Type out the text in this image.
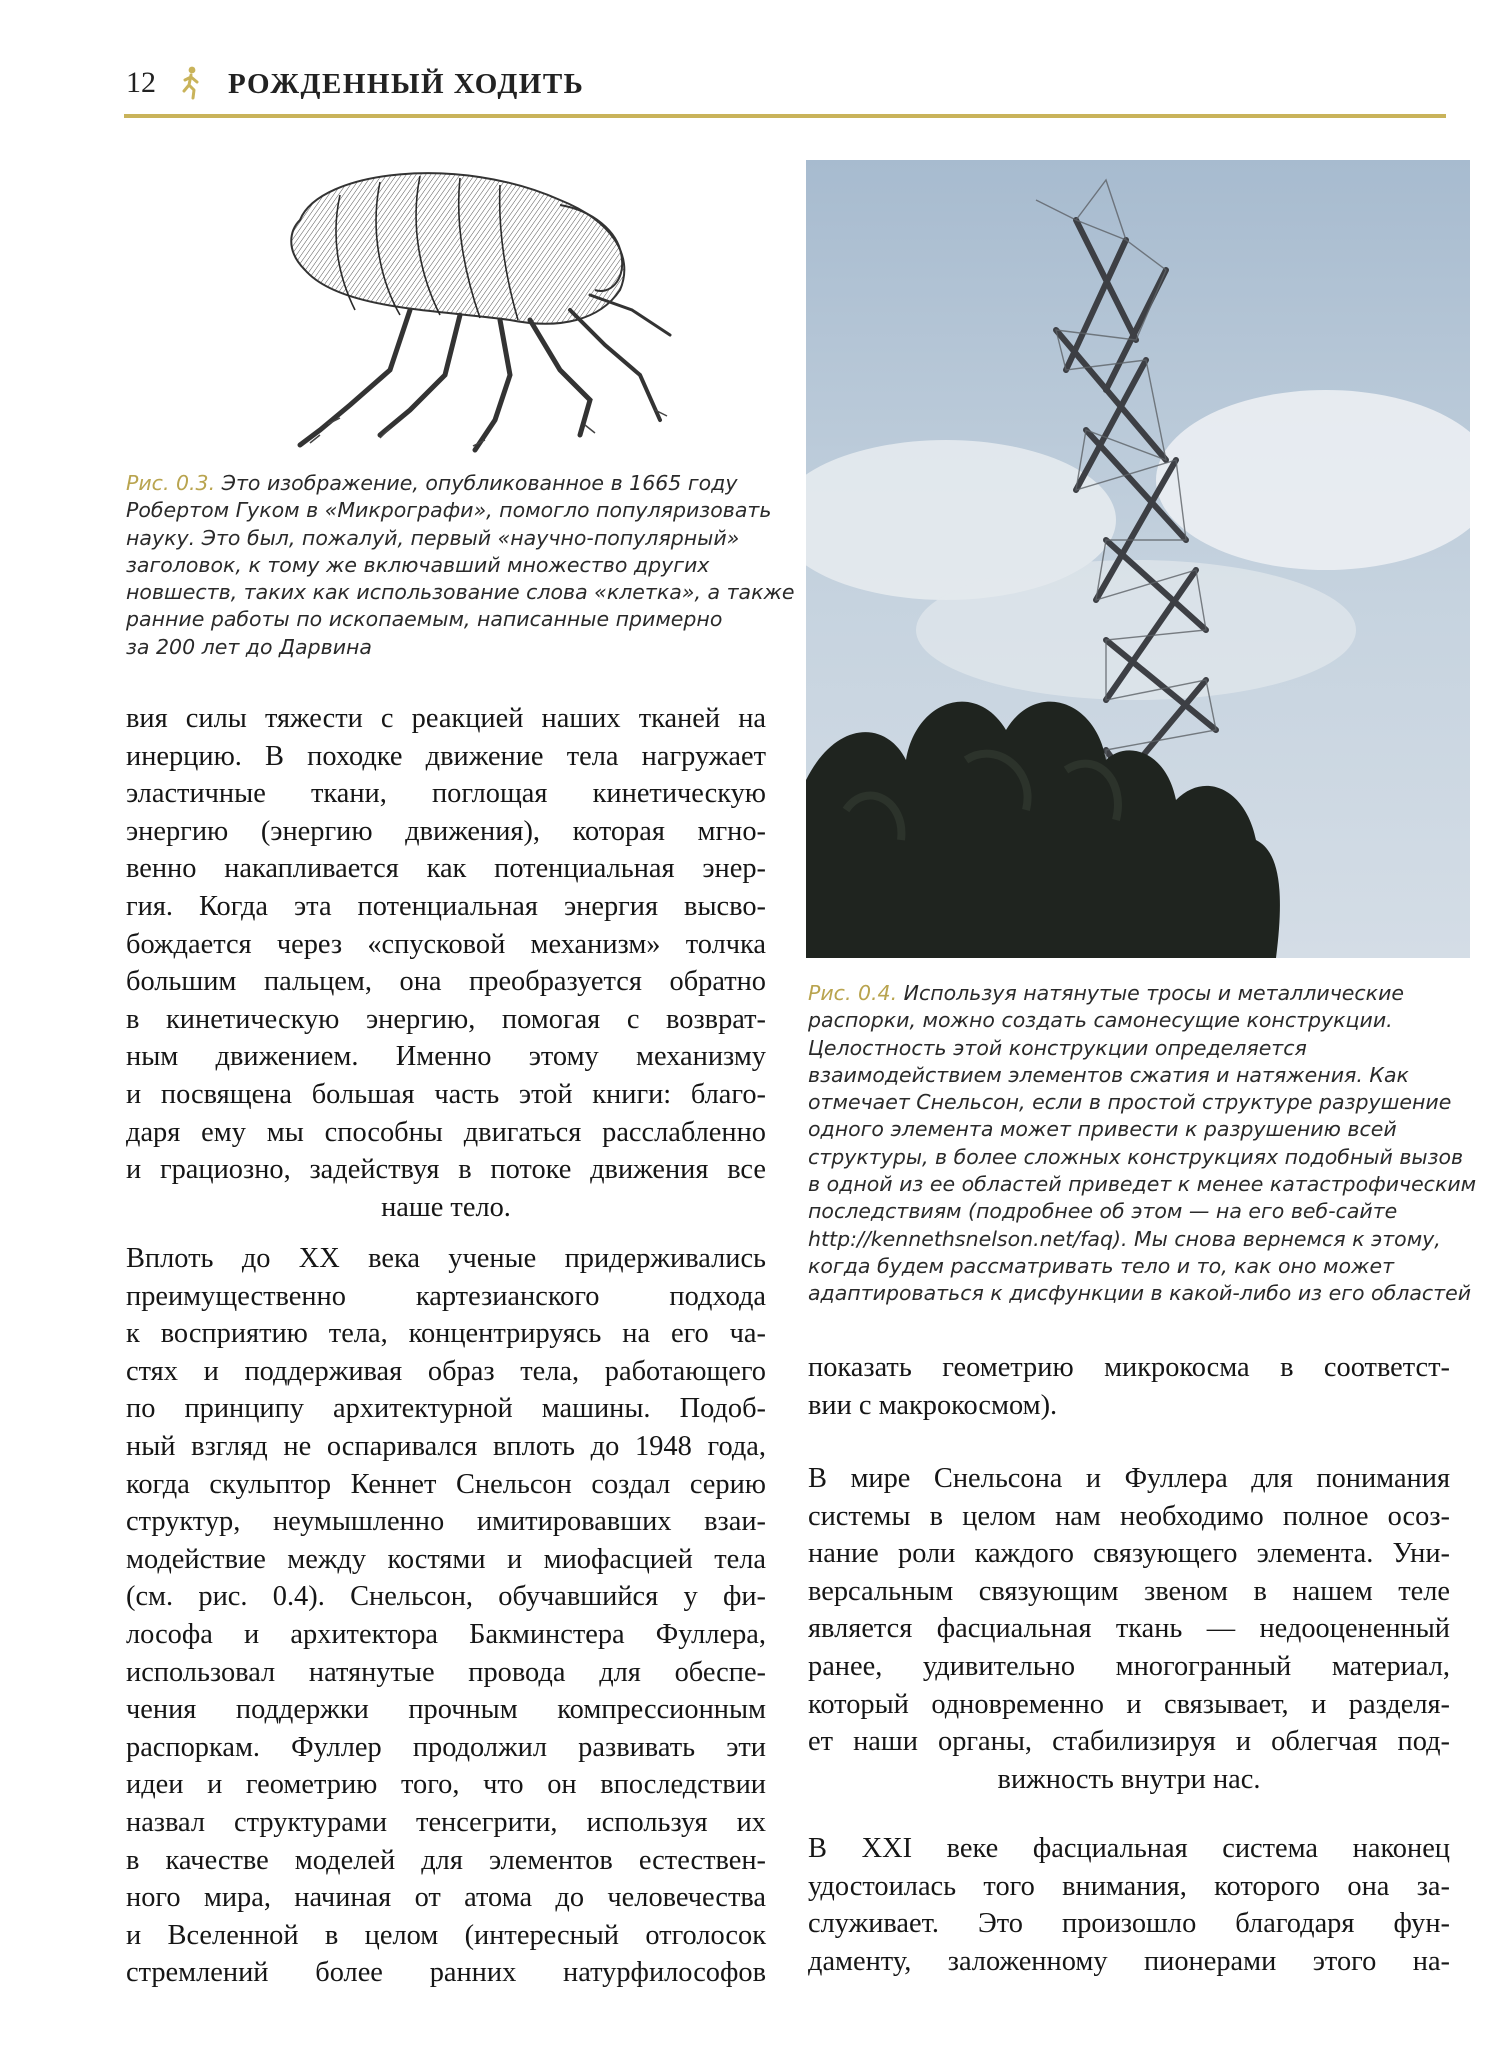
12 РОЖДЕННЫЙ ХОДИТЬ
Рис. 0.3. Это изображение, опубликованное в 1665 году
Робертом Гуком в «Микрографи», помогло популяризовать
науку. Это был, пожалуй, первый «научно-популярный»
заголовок, к тому же включавший множество других
новшеств, таких как использование слова «клетка», а также
ранние работы по ископаемым, написанные примерно
за 200 лет до Дарвина
Рис. 0.4. Используя натянутые тросы и металлические
распорки, можно создать самонесущие конструкции.
Целостность этой конструкции определяется
взаимодействием элементов сжатия и натяжения. Как
отмечает Снельсон, если в простой структуре разрушение
одного элемента может привести к разрушению всей
структуры, в более сложных конструкциях подобный вызов
в одной из ее областей приведет к менее катастрофическим
последствиям (подробнее об этом — на его веб-сайте
http://kennethsnelson.net/faq). Мы снова вернемся к этому,
когда будем рассматривать тело и то, как оно может
адаптироваться к дисфункции в какой-либо из его областей
вия силы тяжести с реакцией наших тканей на
инерцию. В походке движение тела нагружает
эластичные ткани, поглощая кинетическую
энергию (энергию движения), которая мгно-
венно накапливается как потенциальная энер-
гия. Когда эта потенциальная энергия высво-
бождается через «спусковой механизм» толчка
большим пальцем, она преобразуется обратно
в кинетическую энергию, помогая с возврат-
ным движением. Именно этому механизму
и посвящена большая часть этой книги: благо-
даря ему мы способны двигаться расслабленно
и грациозно, задействуя в потоке движения все
наше тело.
Вплоть до XX века ученые придерживались
преимущественно картезианского подхода
к восприятию тела, концентрируясь на его ча-
стях и поддерживая образ тела, работающего
по принципу архитектурной машины. Подоб-
ный взгляд не оспаривался вплоть до 1948 года,
когда скульптор Кеннет Снельсон создал серию
структур, неумышленно имитировавших взаи-
модействие между костями и миофасцией тела
(см. рис. 0.4). Снельсон, обучавшийся у фи-
лософа и архитектора Бакминстера Фуллера,
использовал натянутые провода для обеспе-
чения поддержки прочным компрессионным
распоркам. Фуллер продолжил развивать эти
идеи и геометрию того, что он впоследствии
назвал структурами тенсегрити, используя их
в качестве моделей для элементов естествен-
ного мира, начиная от атома до человечества
и Вселенной в целом (интересный отголосок
стремлений более ранних натурфилософов
показать геометрию микрокосма в соответст-
вии с макрокосмом).
В мире Снельсона и Фуллера для понимания
системы в целом нам необходимо полное осоз-
нание роли каждого связующего элемента. Уни-
версальным связующим звеном в нашем теле
является фасциальная ткань — недооцененный
ранее, удивительно многогранный материал,
который одновременно и связывает, и разделя-
ет наши органы, стабилизируя и облегчая под-
вижность внутри нас.
В XXI веке фасциальная система наконец
удостоилась того внимания, которого она за-
служивает. Это произошло благодаря фун-
даменту, заложенному пионерами этого на-
